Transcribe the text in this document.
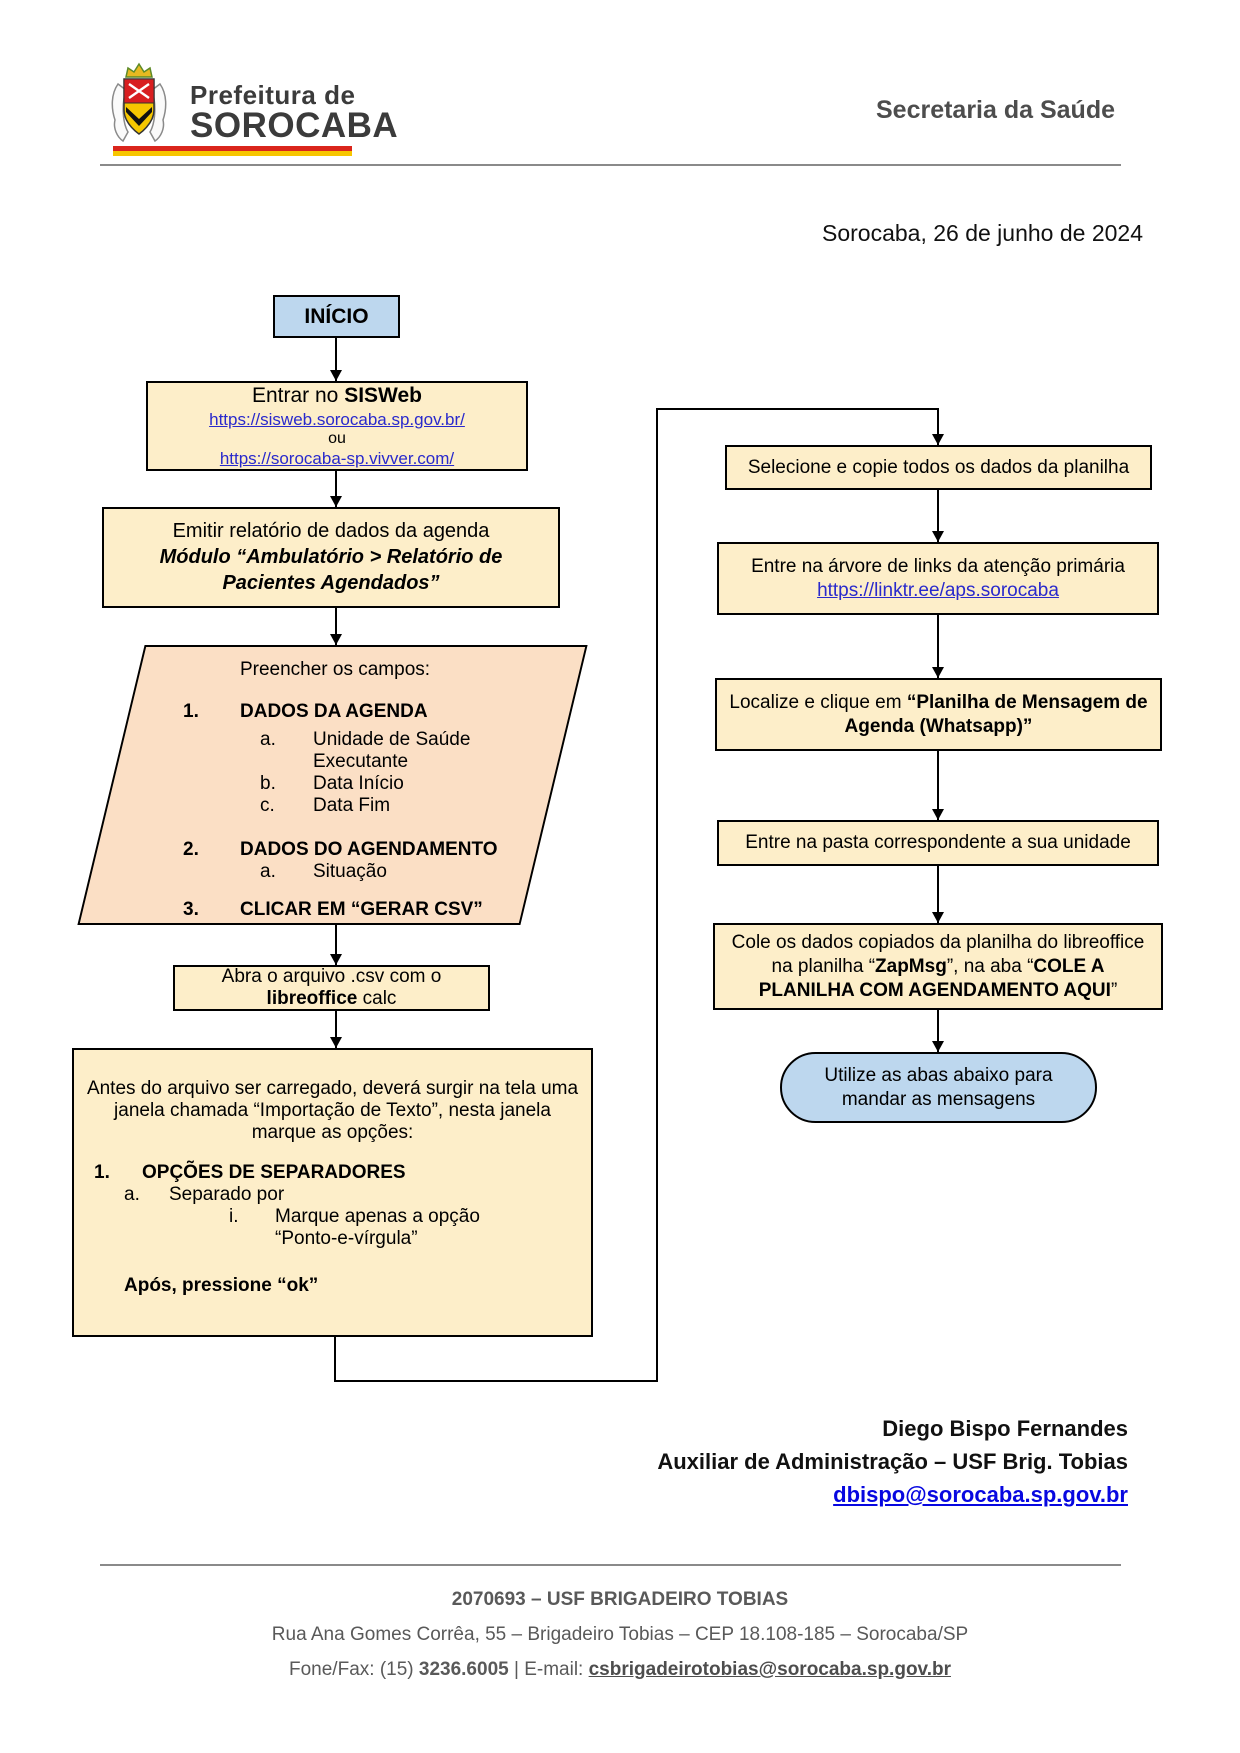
Prefeitura de
SOROCABA	Secretaria da Saúde
Sorocaba, 26 de junho de 2024
INÍCIO
Entrar no SISWeb
https://sisweb.sorocaba.sp.gov.br/
ou
https://sorocaba-sp.vivver.com/
Emitir relatório de dados da agenda
Módulo “Ambulatório > Relatório de Pacientes Agendados”
Preencher os campos:
1.	DADOS DA AGENDA
a.	Unidade de Saúde Executante
b.	Data Início
c.	Data Fim
2.	DADOS DO AGENDAMENTO
a.	Situação
3.	CLICAR EM “GERAR CSV”
Abra o arquivo .csv com o
libreoffice calc
Antes do arquivo ser carregado, deverá surgir na tela uma janela chamada “Importação de Texto”, nesta janela marque as opções:
1.	OPÇÕES DE SEPARADORES
a.	Separado por
i.	Marque apenas a opção “Ponto-e-vírgula”
Após, pressione “ok”
Selecione e copie todos os dados da planilha
Entre na árvore de links da atenção primária
https://linktr.ee/aps.sorocaba
Localize e clique em “Planilha de Mensagem de Agenda (Whatsapp)”
Entre na pasta correspondente a sua unidade
Cole os dados copiados da planilha do libreoffice na planilha “ZapMsg”, na aba “COLE A PLANILHA COM AGENDAMENTO AQUI”
Utilize as abas abaixo para mandar as mensagens
Diego Bispo Fernandes
Auxiliar de Administração – USF Brig. Tobias
dbispo@sorocaba.sp.gov.br
2070693 – USF BRIGADEIRO TOBIAS
Rua Ana Gomes Corrêa, 55 – Brigadeiro Tobias – CEP 18.108-185 – Sorocaba/SP
Fone/Fax: (15) 3236.6005 | E-mail: csbrigadeirotobias@sorocaba.sp.gov.br
